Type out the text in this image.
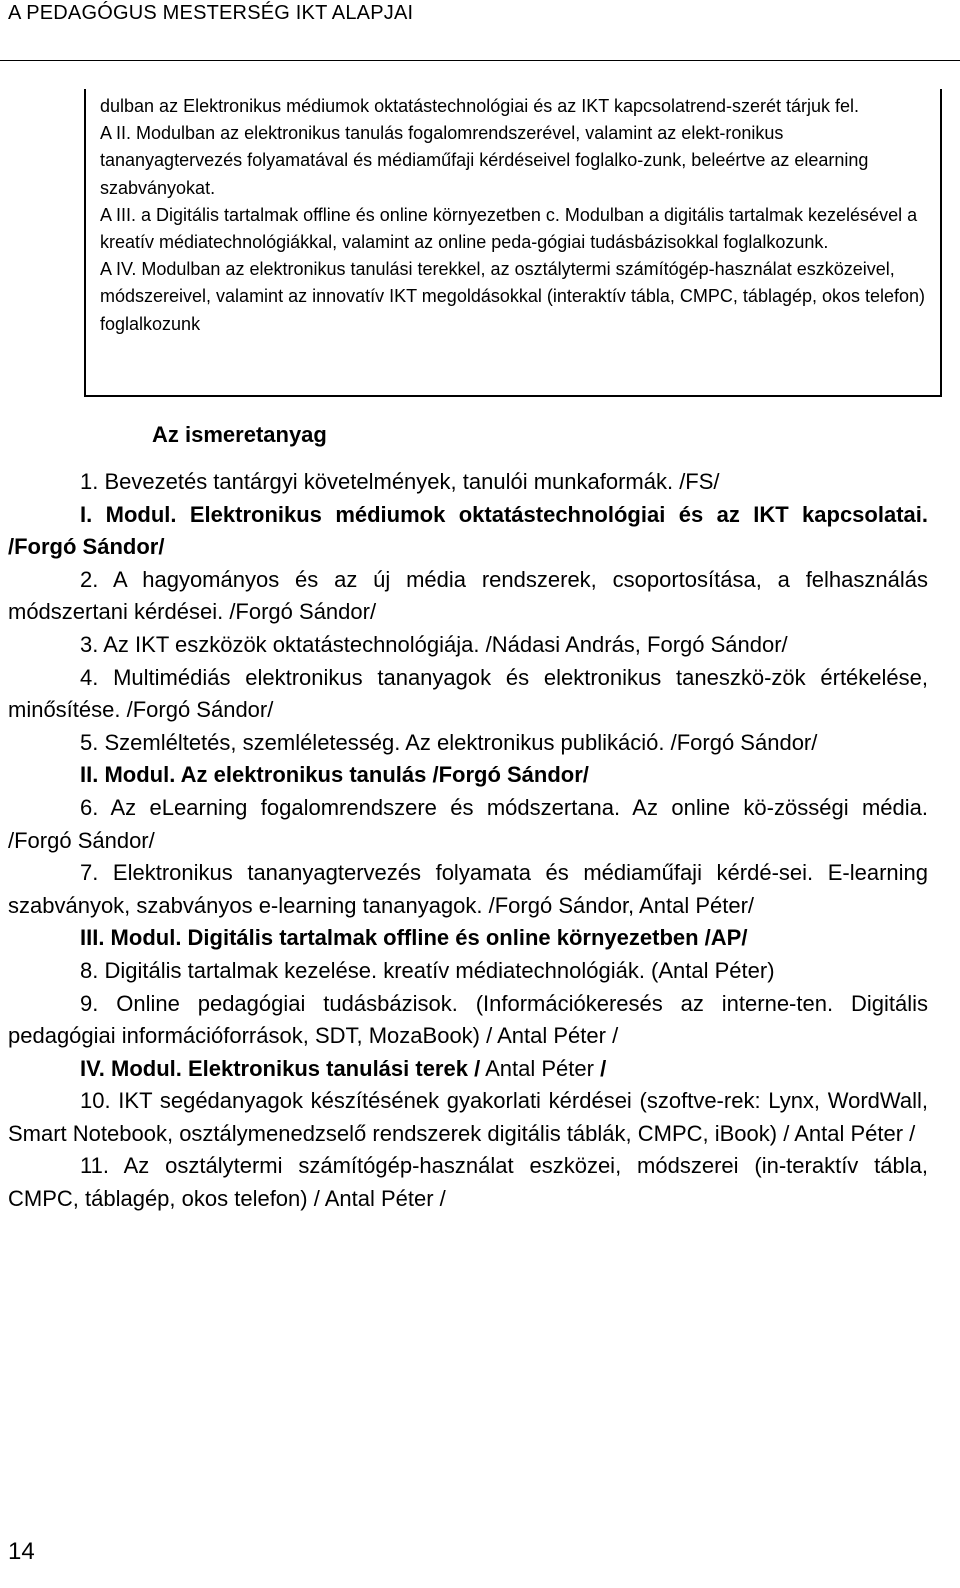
A PEDAGÓGUS MESTERSÉG IKT ALAPJAI

dulban az Elektronikus médiumok oktatástechnológiai és az IKT kapcsolatrend-szerét tárjuk fel.

A II. Modulban az elektronikus tanulás fogalomrendszerével, valamint az elekt-ronikus tananyagtervezés folyamatával és médiaműfaji kérdéseivel foglalko-zunk, beleértve az elearning szabványokat.

A III. a Digitális tartalmak offline és online környezetben c. Modulban a digitális tartalmak kezelésével a kreatív médiatechnológiákkal, valamint az online peda-gógiai tudásbázisokkal foglalkozunk.

A IV. Modulban az elektronikus tanulási terekkel, az osztálytermi számítógép-használat eszközeivel, módszereivel, valamint az innovatív IKT megoldásokkal (interaktív tábla, CMPC, táblagép, okos telefon) foglalkozunk

Az ismeretanyag

1. Bevezetés tantárgyi követelmények, tanulói munkaformák. /FS/

I. Modul. Elektronikus médiumok oktatástechnológiai és az IKT kapcsolatai. /Forgó Sándor/

2. A hagyományos és az új média rendszerek, csoportosítása, a felhasználás módszertani kérdései. /Forgó Sándor/

3. Az IKT eszközök oktatástechnológiája. /Nádasi András, Forgó Sándor/

4. Multimédiás elektronikus tananyagok és elektronikus taneszkö-zök értékelése, minősítése. /Forgó Sándor/

5. Szemléltetés, szemléletesség. Az elektronikus publikáció. /Forgó Sándor/

II. Modul. Az elektronikus tanulás /Forgó Sándor/

6. Az eLearning fogalomrendszere és módszertana. Az online kö-zösségi média. /Forgó Sándor/

7. Elektronikus tananyagtervezés folyamata és médiaműfaji kérdé-sei. E-learning szabványok, szabványos e-learning tananyagok. /Forgó Sándor, Antal Péter/

III. Modul. Digitális tartalmak offline és online környezetben /AP/

8. Digitális tartalmak kezelése. kreatív médiatechnológiák. (Antal Péter)

9. Online pedagógiai tudásbázisok. (Információkeresés az interne-ten. Digitális pedagógiai információforrások, SDT, MozaBook) / Antal Péter /

IV. Modul. Elektronikus tanulási terek / Antal Péter /

10. IKT segédanyagok készítésének gyakorlati kérdései (szoftve-rek: Lynx, WordWall, Smart Notebook, osztálymenedzselő rendszerek digitális táblák, CMPC, iBook) / Antal Péter /

11. Az osztálytermi számítógép-használat eszközei, módszerei (in-teraktív tábla, CMPC, táblagép, okos telefon) / Antal Péter /

14
